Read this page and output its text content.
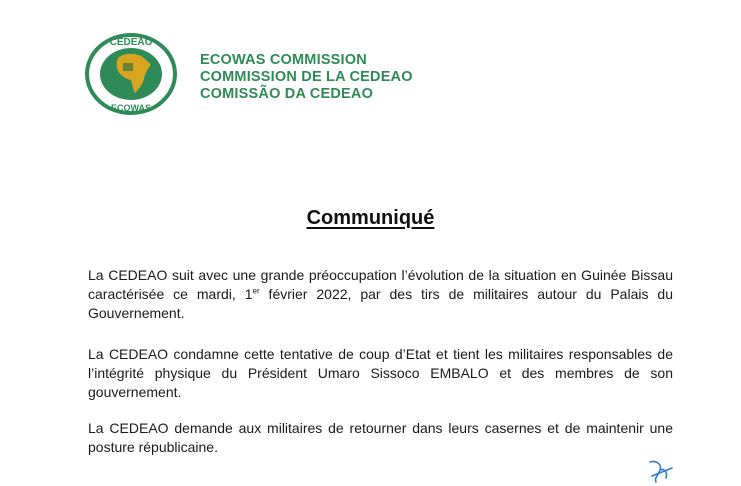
CEDEAO
ECOWAS
ECOWAS COMMISSION
COMMISSION DE LA CEDEAO
COMISSÃO DA CEDEAO
Communiqué
La CEDEAO suit avec une grande préoccupation l’évolution de la situation en Guinée Bissau caractérisée ce mardi, 1er février 2022, par des tirs de militaires autour du Palais du Gouvernement.
La CEDEAO condamne cette tentative de coup d’Etat et tient les militaires responsables de l’intégrité physique du Président Umaro Sissoco EMBALO et des membres de son gouvernement.
La CEDEAO demande aux militaires de retourner dans leurs casernes et de maintenir une posture républicaine.
